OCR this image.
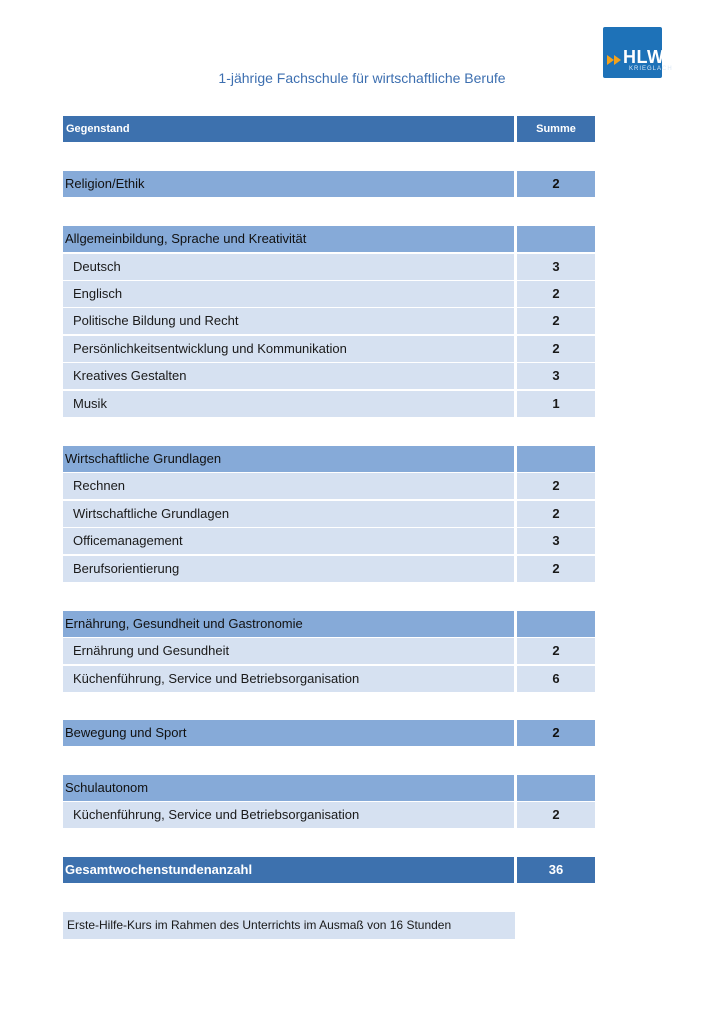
HLW
KRIEGLACH
1-jährige Fachschule für wirtschaftliche Berufe
Gegenstand	Summe
Religion/Ethik	2
Allgemeinbildung, Sprache und Kreativität
Deutsch	3
Englisch	2
Politische Bildung und Recht	2
Persönlichkeitsentwicklung und Kommunikation	2
Kreatives Gestalten	3
Musik	1
Wirtschaftliche Grundlagen
Rechnen	2
Wirtschaftliche Grundlagen	2
Officemanagement	3
Berufsorientierung	2
Ernährung, Gesundheit und Gastronomie
Ernährung und Gesundheit	2
Küchenführung, Service und Betriebsorganisation	6
Bewegung und Sport	2
Schulautonom
Küchenführung, Service und Betriebsorganisation	2
Gesamtwochenstundenanzahl	36
Erste-Hilfe-Kurs im Rahmen des Unterrichts im Ausmaß von 16 Stunden
